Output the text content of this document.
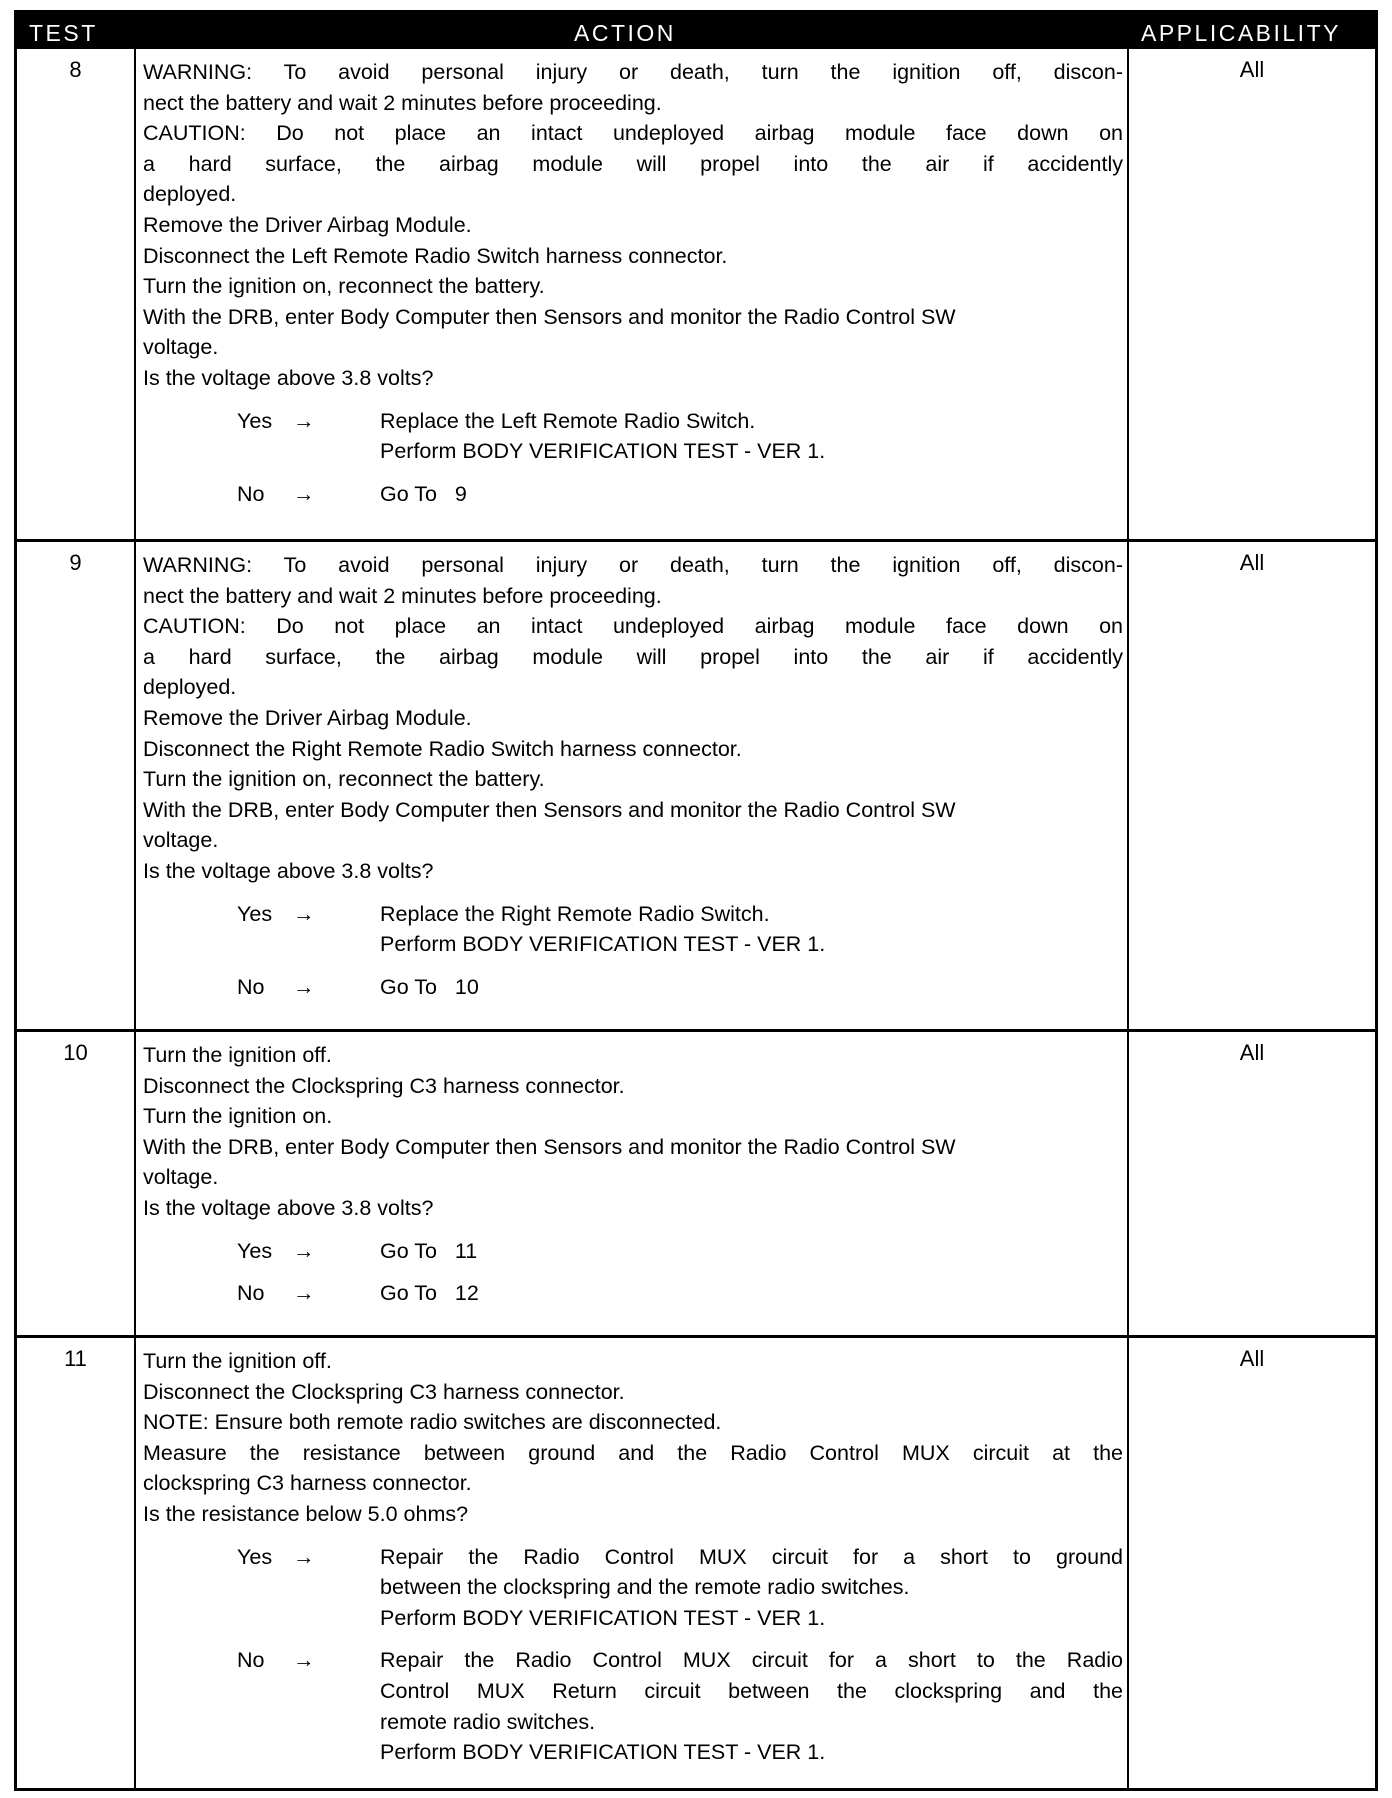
TEST	ACTION	APPLICABILITY
8	WARNING: To avoid personal injury or death, turn the ignition off, discon-

nect the battery and wait 2 minutes before proceeding.

CAUTION: Do not place an intact undeployed airbag module face down on

a hard surface, the airbag module will propel into the air if accidently

deployed.

Remove the Driver Airbag Module.

Disconnect the Left Remote Radio Switch harness connector.

Turn the ignition on, reconnect the battery.

With the DRB, enter Body Computer then Sensors and monitor the Radio Control SW

voltage.

Is the voltage above 3.8 volts?

Yes →	Replace the Left Remote Radio Switch.

Perform BODY VERIFICATION TEST - VER 1.

No →	Go To   9

All
9	WARNING: To avoid personal injury or death, turn the ignition off, discon-

nect the battery and wait 2 minutes before proceeding.

CAUTION: Do not place an intact undeployed airbag module face down on

a hard surface, the airbag module will propel into the air if accidently

deployed.

Remove the Driver Airbag Module.

Disconnect the Right Remote Radio Switch harness connector.

Turn the ignition on, reconnect the battery.

With the DRB, enter Body Computer then Sensors and monitor the Radio Control SW

voltage.

Is the voltage above 3.8 volts?

Yes →	Replace the Right Remote Radio Switch.

Perform BODY VERIFICATION TEST - VER 1.

No →	Go To   10

All
10	Turn the ignition off.

Disconnect the Clockspring C3 harness connector.

Turn the ignition on.

With the DRB, enter Body Computer then Sensors and monitor the Radio Control SW

voltage.

Is the voltage above 3.8 volts?

Yes →	Go To   11

No →	Go To   12

All
11	Turn the ignition off.

Disconnect the Clockspring C3 harness connector.

NOTE: Ensure both remote radio switches are disconnected.

Measure the resistance between ground and the Radio Control MUX circuit at the

clockspring C3 harness connector.

Is the resistance below 5.0 ohms?

Yes →	Repair the Radio Control MUX circuit for a short to ground

between the clockspring and the remote radio switches.

Perform BODY VERIFICATION TEST - VER 1.

No →	Repair the Radio Control MUX circuit for a short to the Radio

Control MUX Return circuit between the clockspring and the

remote radio switches.

Perform BODY VERIFICATION TEST - VER 1.

All
